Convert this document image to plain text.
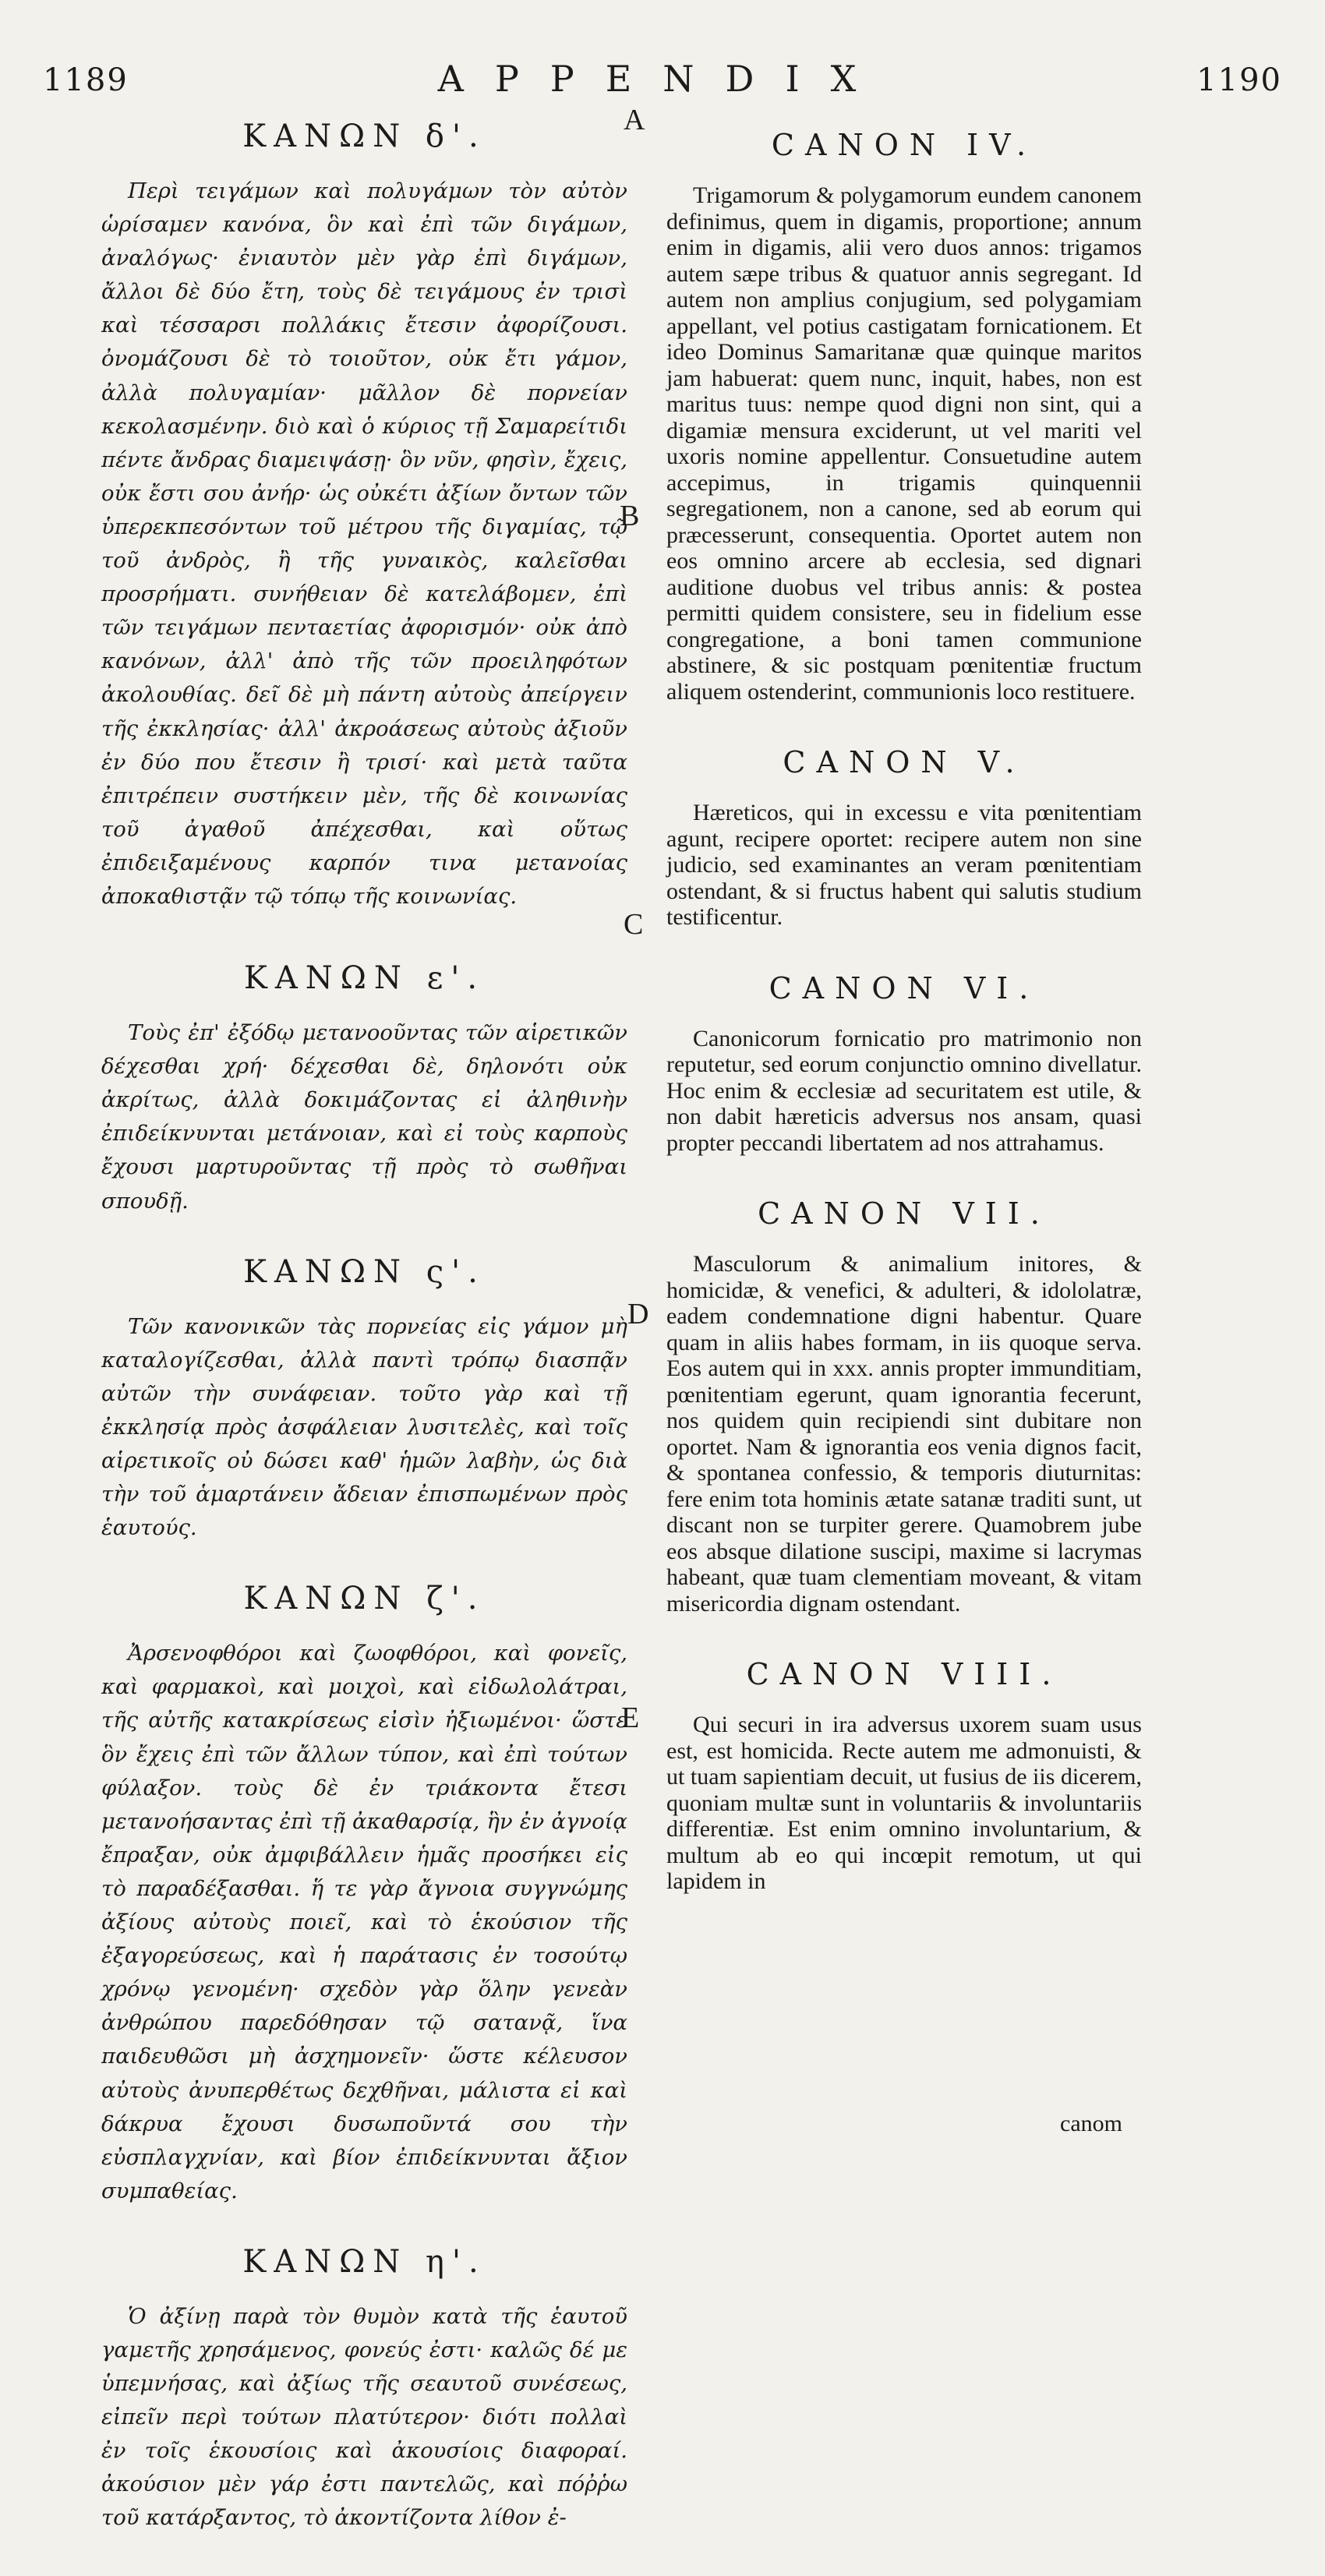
1189	APPENDIX	1190
A
B
C
D
E
ΚΑΝΩΝ δ'.

Περὶ τειγάμων καὶ πολυγάμων τὸν αὐτὸν ὡρίσαμεν κανόνα, ὃν καὶ ἐπὶ τῶν διγάμων, ἀναλόγως· ἐνιαυτὸν μὲν γὰρ ἐπὶ διγάμων, ἄλλοι δὲ δύο ἔτη, τοὺς δὲ τειγάμους ἐν τρισὶ καὶ τέσσαρσι πολλάκις ἔτεσιν ἀφορίζουσι. ὀνομάζουσι δὲ τὸ τοιοῦτον, οὐκ ἔτι γάμον, ἀλλὰ πολυγαμίαν· μᾶλλον δὲ πορνείαν κεκολασμένην. διὸ καὶ ὁ κύριος τῇ Σαμαρείτιδι πέντε ἄνδρας διαμειψάσῃ· ὃν νῦν, φησὶν, ἔχεις, οὐκ ἔστι σου ἀνήρ· ὡς οὐκέτι ἀξίων ὄντων τῶν ὑπερεκπεσόντων τοῦ μέτρου τῆς διγαμίας, τῷ τοῦ ἀνδρὸς, ἢ τῆς γυναικὸς, καλεῖσθαι προσρήματι. συνήθειαν δὲ κατελάβομεν, ἐπὶ τῶν τειγάμων πενταετίας ἀφορισμόν· οὐκ ἀπὸ κανόνων, ἀλλ' ἀπὸ τῆς τῶν προειληφότων ἀκολουθίας. δεῖ δὲ μὴ πάντη αὐτοὺς ἀπείργειν τῆς ἐκκλησίας· ἀλλ' ἀκροάσεως αὐτοὺς ἀξιοῦν ἐν δύο που ἔτεσιν ἢ τρισί· καὶ μετὰ ταῦτα ἐπιτρέπειν συστήκειν μὲν, τῆς δὲ κοινωνίας τοῦ ἀγαθοῦ ἀπέχεσθαι, καὶ οὕτως ἐπιδειξαμένους καρπόν τινα μετανοίας ἀποκαθιστᾷν τῷ τόπῳ τῆς κοινωνίας.

ΚΑΝΩΝ ε'.

Τοὺς ἐπ' ἐξόδῳ μετανοοῦντας τῶν αἱρετικῶν δέχεσθαι χρή· δέχεσθαι δὲ, δηλονότι οὐκ ἀκρίτως, ἀλλὰ δοκιμάζοντας εἰ ἀληθινὴν ἐπιδείκνυνται μετάνοιαν, καὶ εἰ τοὺς καρποὺς ἔχουσι μαρτυροῦντας τῇ πρὸς τὸ σωθῆναι σπουδῇ.

ΚΑΝΩΝ ς'.

Τῶν κανονικῶν τὰς πορνείας εἰς γάμον μὴ καταλογίζεσθαι, ἀλλὰ παντὶ τρόπῳ διασπᾷν αὐτῶν τὴν συνάφειαν. τοῦτο γὰρ καὶ τῇ ἐκκλησίᾳ πρὸς ἀσφάλειαν λυσιτελὲς, καὶ τοῖς αἱρετικοῖς οὐ δώσει καθ' ἡμῶν λαβὴν, ὡς διὰ τὴν τοῦ ἁμαρτάνειν ἄδειαν ἐπισπωμένων πρὸς ἑαυτούς.

ΚΑΝΩΝ ζ'.

Ἀρσενοφθόροι καὶ ζωοφθόροι, καὶ φονεῖς, καὶ φαρμακοὶ, καὶ μοιχοὶ, καὶ εἰδωλολάτραι, τῆς αὐτῆς κατακρίσεως εἰσὶν ἠξιωμένοι· ὥστε ὃν ἔχεις ἐπὶ τῶν ἄλλων τύπον, καὶ ἐπὶ τούτων φύλαξον. τοὺς δὲ ἐν τριάκοντα ἔτεσι μετανοήσαντας ἐπὶ τῇ ἀκαθαρσίᾳ, ἣν ἐν ἀγνοίᾳ ἔπραξαν, οὐκ ἀμφιβάλλειν ἡμᾶς προσήκει εἰς τὸ παραδέξασθαι. ἥ τε γὰρ ἄγνοια συγγνώμης ἀξίους αὐτοὺς ποιεῖ, καὶ τὸ ἑκούσιον τῆς ἐξαγορεύσεως, καὶ ἡ παράτασις ἐν τοσούτῳ χρόνῳ γενομένη· σχεδὸν γὰρ ὅλην γενεὰν ἀνθρώπου παρεδόθησαν τῷ σατανᾷ, ἵνα παιδευθῶσι μὴ ἀσχημονεῖν· ὥστε κέλευσον αὐτοὺς ἀνυπερθέτως δεχθῆναι, μάλιστα εἰ καὶ δάκρυα ἔχουσι δυσωποῦντά σου τὴν εὐσπλαγχνίαν, καὶ βίον ἐπιδείκνυνται ἄξιον συμπαθείας.

ΚΑΝΩΝ η'.

Ὁ ἀξίνῃ παρὰ τὸν θυμὸν κατὰ τῆς ἑαυτοῦ γαμετῆς χρησάμενος, φονεύς ἐστι· καλῶς δέ με ὑπεμνήσας, καὶ ἀξίως τῆς σεαυτοῦ συνέσεως, εἰπεῖν περὶ τούτων πλατύτερον· διότι πολλαὶ ἐν τοῖς ἑκουσίοις καὶ ἀκουσίοις διαφοραί. ἀκούσιον μὲν γάρ ἐστι παντελῶς, καὶ πόῤῥω τοῦ κατάρξαντος, τὸ ἀκοντίζοντα λίθον ἐ-

CANON IV.

Trigamorum & polygamorum eundem canonem definimus, quem in digamis, proportione; annum enim in digamis, alii vero duos annos: trigamos autem sæpe tribus & quatuor annis segregant. Id autem non amplius conjugium, sed polygamiam appellant, vel potius castigatam fornicationem. Et ideo Dominus Samaritanæ quæ quinque maritos jam habuerat: quem nunc, inquit, habes, non est maritus tuus: nempe quod digni non sint, qui a digamiæ mensura exciderunt, ut vel mariti vel uxoris nomine appellentur. Consuetudine autem accepimus, in trigamis quinquennii segregationem, non a canone, sed ab eorum qui præcesserunt, consequentia. Oportet autem non eos omnino arcere ab ecclesia, sed dignari auditione duobus vel tribus annis: & postea permitti quidem consistere, seu in fidelium esse congregatione, a boni tamen communione abstinere, & sic postquam pœnitentiæ fructum aliquem ostenderint, communionis loco restituere.

CANON V.

Hæreticos, qui in excessu e vita pœnitentiam agunt, recipere oportet: recipere autem non sine judicio, sed examinantes an veram pœnitentiam ostendant, & si fructus habent qui salutis studium testificentur.

CANON VI.

Canonicorum fornicatio pro matrimonio non reputetur, sed eorum conjunctio omnino divellatur. Hoc enim & ecclesiæ ad securitatem est utile, & non dabit hæreticis adversus nos ansam, quasi propter peccandi libertatem ad nos attrahamus.

CANON VII.

Masculorum & animalium initores, & homicidæ, & venefici, & adulteri, & idololatræ, eadem condemnatione digni habentur. Quare quam in aliis habes formam, in iis quoque serva. Eos autem qui in xxx. annis propter immunditiam, pœnitentiam egerunt, quam ignorantia fecerunt, nos quidem quin recipiendi sint dubitare non oportet. Nam & ignorantia eos venia dignos facit, & spontanea confessio, & temporis diuturnitas: fere enim tota hominis ætate satanæ traditi sunt, ut discant non se turpiter gerere. Quamobrem jube eos absque dilatione suscipi, maxime si lacrymas habeant, quæ tuam clementiam moveant, & vitam misericordia dignam ostendant.

CANON VIII.

Qui securi in ira adversus uxorem suam usus est, est homicida. Recte autem me admonuisti, & ut tuam sapientiam decuit, ut fusius de iis dicerem, quoniam multæ sunt in voluntariis & involuntariis differentiæ. Est enim omnino involuntarium, & multum ab eo qui incœpit remotum, ut qui lapidem in

canom
